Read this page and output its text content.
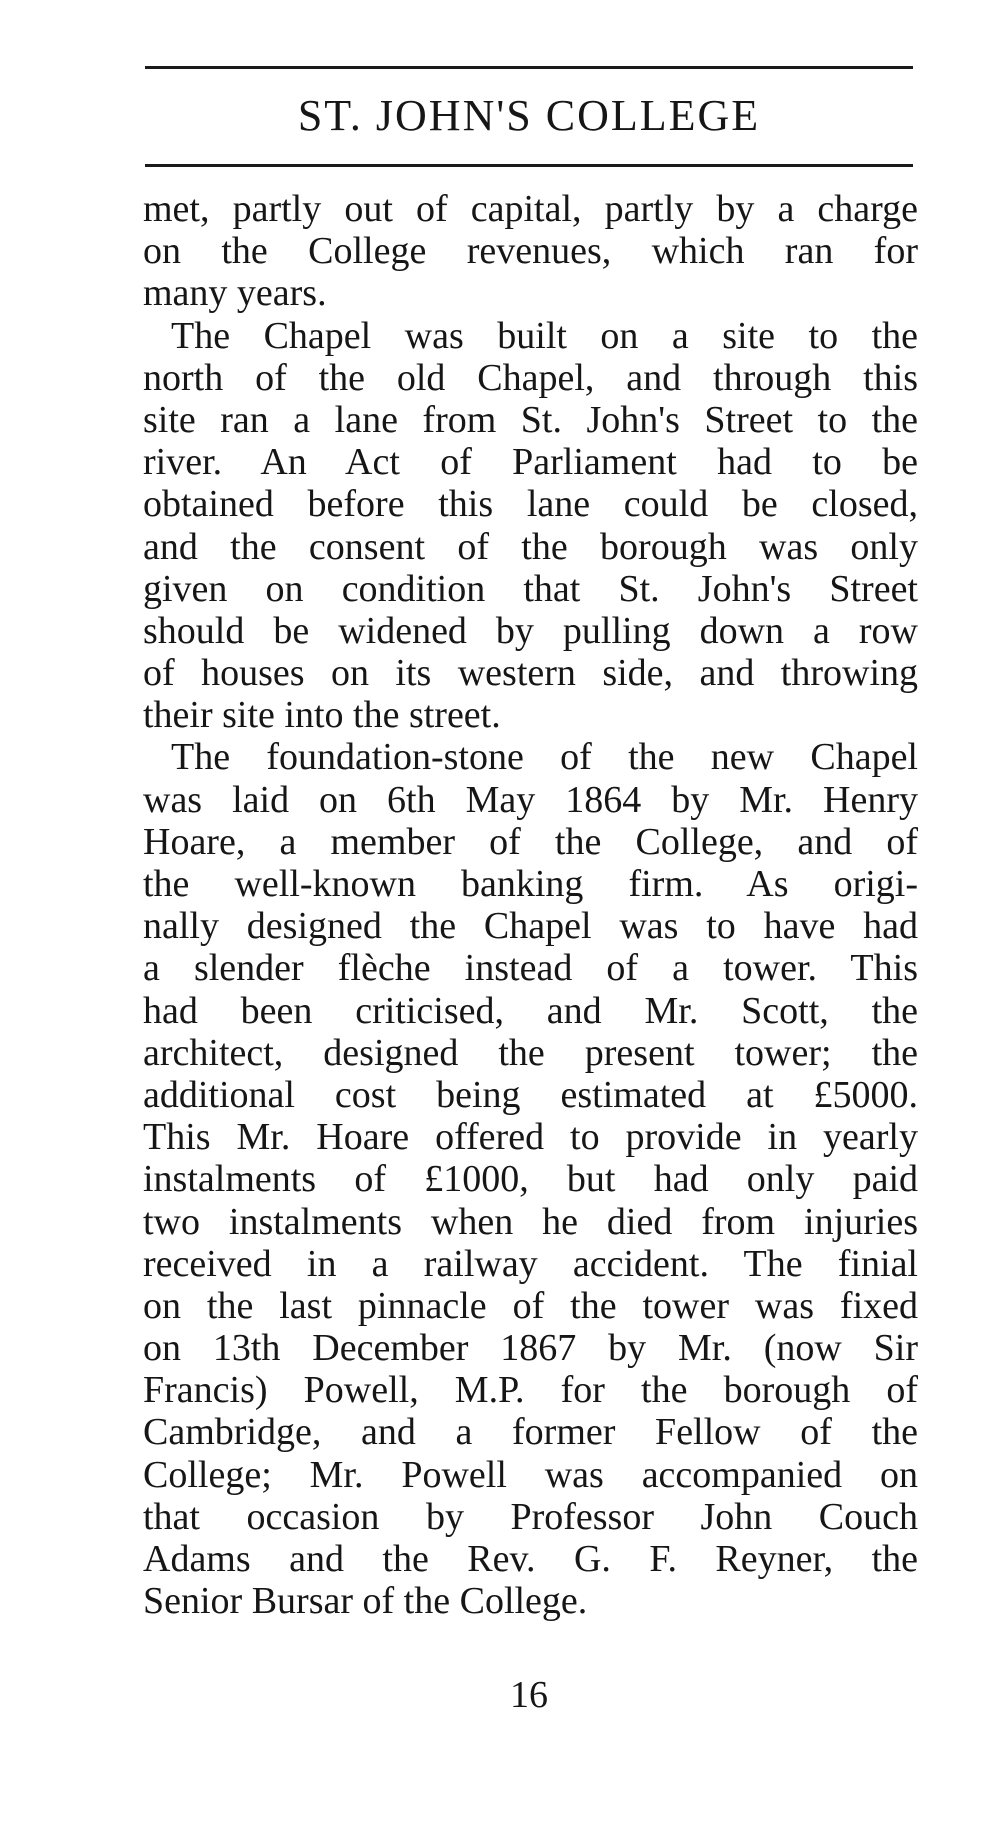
ST. JOHN'S COLLEGE
met, partly out of capital, partly by a charge
on the College revenues, which ran for
many years.
The Chapel was built on a site to the
north of the old Chapel, and through this
site ran a lane from St. John's Street to the
river. An Act of Parliament had to be
obtained before this lane could be closed,
and the consent of the borough was only
given on condition that St. John's Street
should be widened by pulling down a row
of houses on its western side, and throwing
their site into the street.
The foundation-stone of the new Chapel
was laid on 6th May 1864 by Mr. Henry
Hoare, a member of the College, and of
the well-known banking firm. As origi-
nally designed the Chapel was to have had
a slender flèche instead of a tower. This
had been criticised, and Mr. Scott, the
architect, designed the present tower; the
additional cost being estimated at £5000.
This Mr. Hoare offered to provide in yearly
instalments of £1000, but had only paid
two instalments when he died from injuries
received in a railway accident. The finial
on the last pinnacle of the tower was fixed
on 13th December 1867 by Mr. (now Sir
Francis) Powell, M.P. for the borough of
Cambridge, and a former Fellow of the
College; Mr. Powell was accompanied on
that occasion by Professor John Couch
Adams and the Rev. G. F. Reyner, the
Senior Bursar of the College.
16
